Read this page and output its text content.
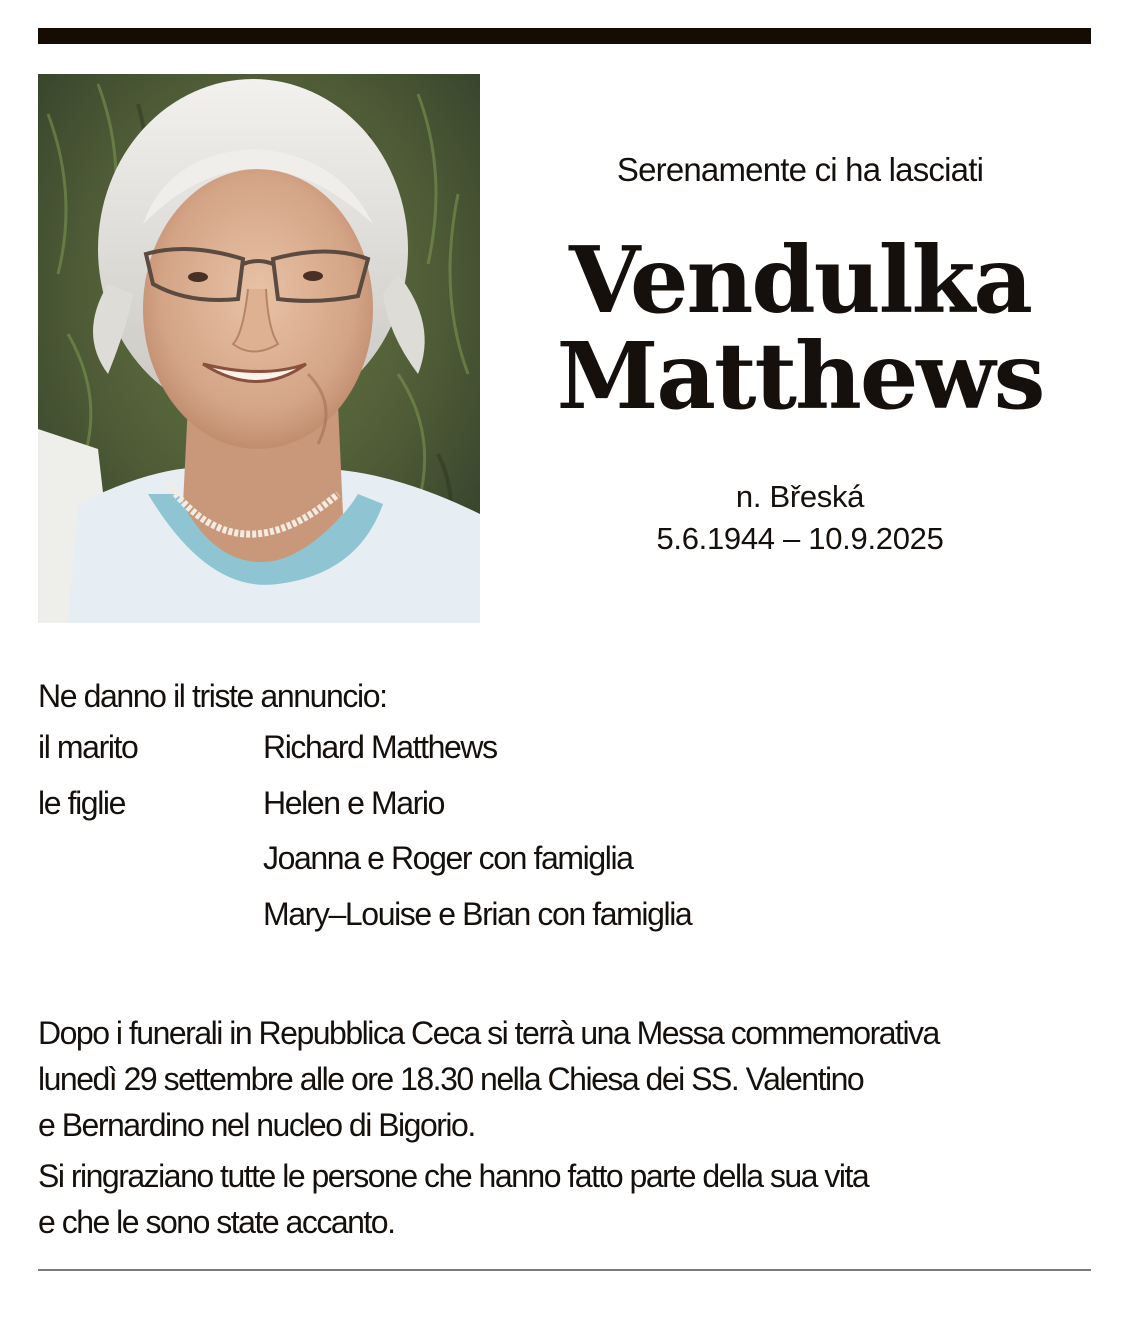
Serenamente ci ha lasciati
Vendulka
Matthews
n. Břeská
5.6.1944 – 10.9.2025
Ne danno il triste annuncio:
il marito	Richard Matthews
le figlie	Helen e Mario
Joanna e Roger con famiglia
Mary–Louise e Brian con famiglia

Dopo i funerali in Repubblica Ceca si terrà una Messa commemorativa
lunedì 29 settembre alle ore 18.30 nella Chiesa dei SS. Valentino
e Bernardino nel nucleo di Bigorio.

Si ringraziano tutte le persone che hanno fatto parte della sua vita
e che le sono state accanto.
